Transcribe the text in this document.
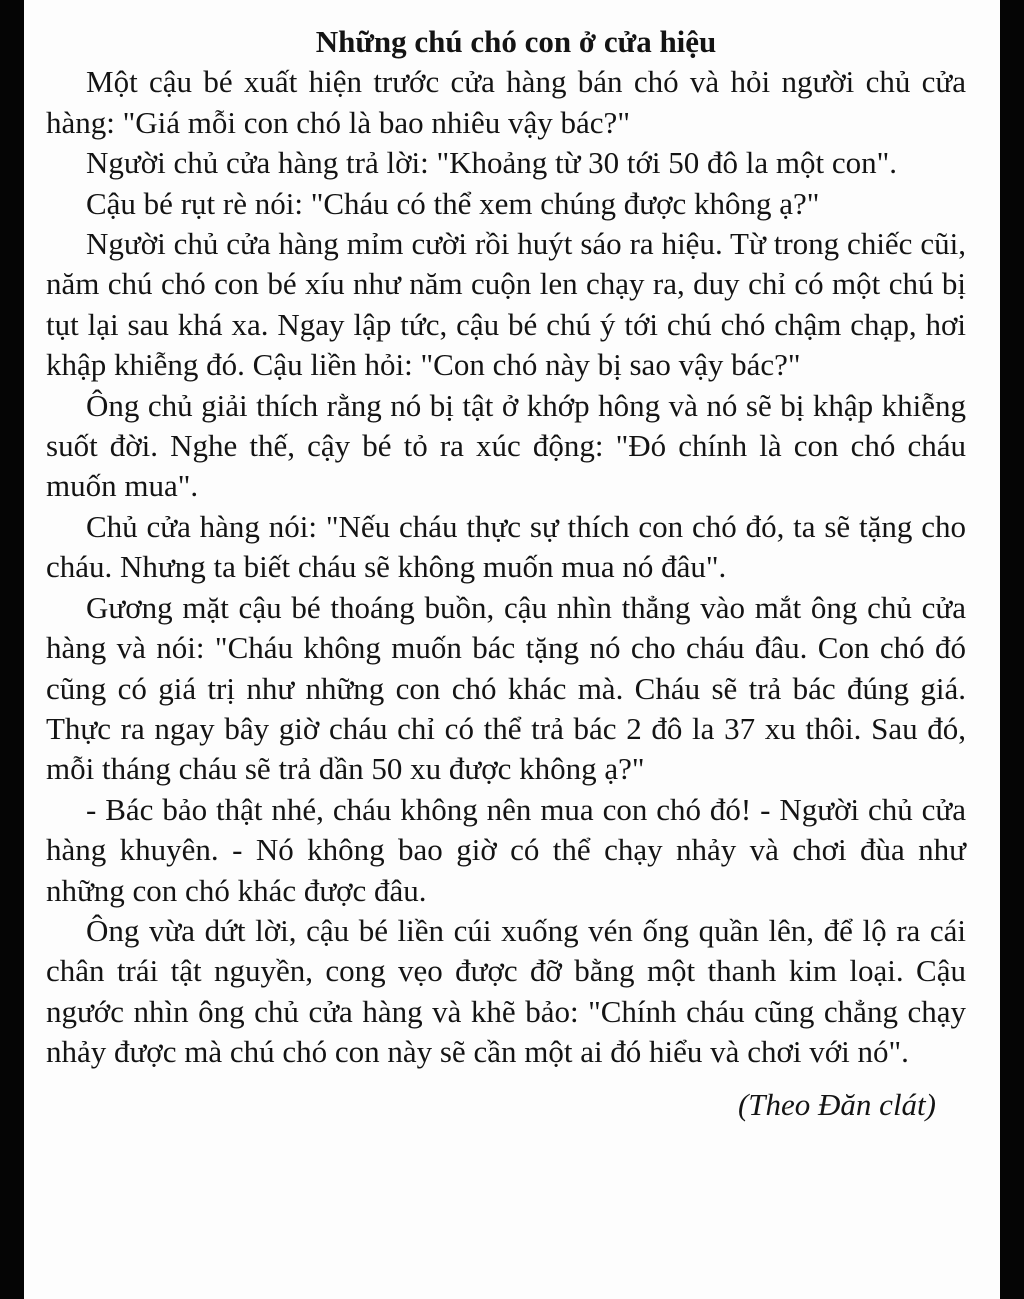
Những chú chó con ở cửa hiệu

Một cậu bé xuất hiện trước cửa hàng bán chó và hỏi người chủ cửa hàng: "Giá mỗi con chó là bao nhiêu vậy bác?"

Người chủ cửa hàng trả lời: "Khoảng từ 30 tới 50 đô la một con".

Cậu bé rụt rè nói: "Cháu có thể xem chúng được không ạ?"

Người chủ cửa hàng mỉm cười rồi huýt sáo ra hiệu. Từ trong chiếc cũi, năm chú chó con bé xíu như năm cuộn len chạy ra, duy chỉ có một chú bị tụt lại sau khá xa. Ngay lập tức, cậu bé chú ý tới chú chó chậm chạp, hơi khập khiễng đó. Cậu liền hỏi: "Con chó này bị sao vậy bác?"

Ông chủ giải thích rằng nó bị tật ở khớp hông và nó sẽ bị khập khiễng suốt đời. Nghe thế, cậy bé tỏ ra xúc động: "Đó chính là con chó cháu muốn mua".

Chủ cửa hàng nói: "Nếu cháu thực sự thích con chó đó, ta sẽ tặng cho cháu. Nhưng ta biết cháu sẽ không muốn mua nó đâu".

Gương mặt cậu bé thoáng buồn, cậu nhìn thẳng vào mắt ông chủ cửa hàng và nói: "Cháu không muốn bác tặng nó cho cháu đâu. Con chó đó cũng có giá trị như những con chó khác mà. Cháu sẽ trả bác đúng giá. Thực ra ngay bây giờ cháu chỉ có thể trả bác 2 đô la 37 xu thôi. Sau đó, mỗi tháng cháu sẽ trả dần 50 xu được không ạ?"

- Bác bảo thật nhé, cháu không nên mua con chó đó! - Người chủ cửa hàng khuyên. - Nó không bao giờ có thể chạy nhảy và chơi đùa như những con chó khác được đâu.

Ông vừa dứt lời, cậu bé liền cúi xuống vén ống quần lên, để lộ ra cái chân trái tật nguyền, cong vẹo được đỡ bằng một thanh kim loại. Cậu ngước nhìn ông chủ cửa hàng và khẽ bảo: "Chính cháu cũng chẳng chạy nhảy được mà chú chó con này sẽ cần một ai đó hiểu và chơi với nó".

(Theo Đăn clát)
